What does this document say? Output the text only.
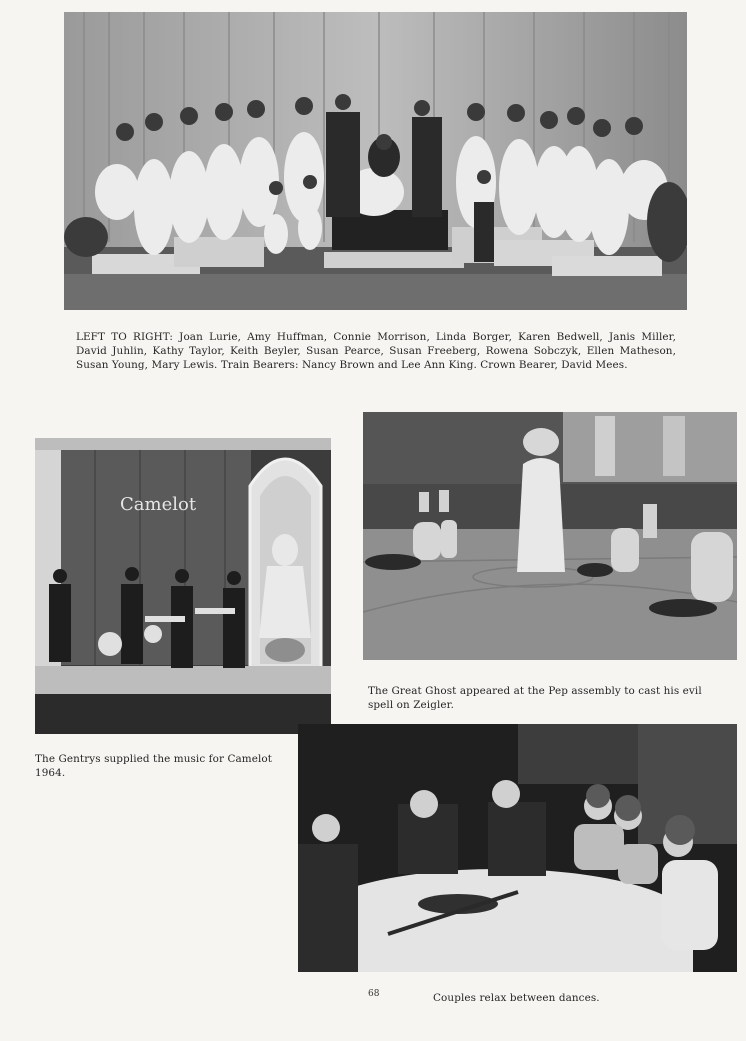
LEFT TO RIGHT: Joan Lurie, Amy Huffman, Connie Morrison, Linda Borger, Karen Bedwell, Janis Miller,
David Juhlin, Kathy Taylor, Keith Beyler, Susan Pearce, Susan Freeberg, Rowena Sobczyk, Ellen Matheson,
Susan Young, Mary Lewis. Train Bearers: Nancy Brown and Lee Ann King. Crown Bearer, David Mees.
Camelot
The Gentrys supplied the music for Camelot
1964.
The Great Ghost appeared at the Pep assembly to cast his evil
spell on Zeigler.
68	Couples relax between dances.
